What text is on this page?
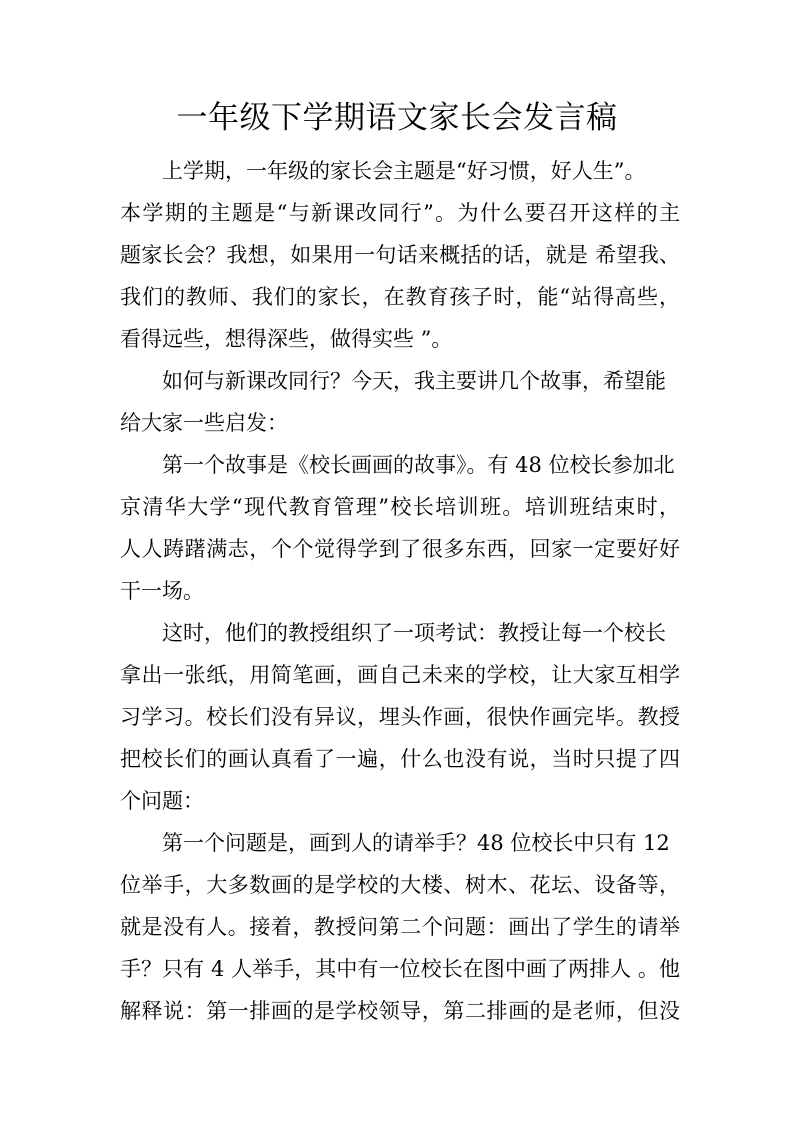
一年级下学期语文家长会发言稿
上学期，一年级的家长会主题是“好习惯，好人生”。
本学期的主题是“与新课改同行”。为什么要召开这样的主
题家长会？我想，如果用一句话来概括的话，就是 希望我、
我们的教师、我们的家长，在教育孩子时，能“站得高些，
看得远些，想得深些，做得实些 ”。
如何与新课改同行？今天，我主要讲几个故事，希望能
给大家一些启发：
第一个故事是《校长画画的故事》。有 48 位校长参加北
京清华大学“现代教育管理”校长培训班。培训班结束时，
人人踌躇满志，个个觉得学到了很多东西，回家一定要好好
干一场。
这时，他们的教授组织了一项考试：教授让每一个校长
拿出一张纸，用简笔画，画自己未来的学校，让大家互相学
习学习。校长们没有异议，埋头作画，很快作画完毕。教授
把校长们的画认真看了一遍，什么也没有说，当时只提了四
个问题：
第一个问题是，画到人的请举手？48 位校长中只有 12
位举手，大多数画的是学校的大楼、树木、花坛、设备等，
就是没有人。接着，教授问第二个问题：画出了学生的请举
手？只有 4 人举手，其中有一位校长在图中画了两排人 。他
解释说：第一排画的是学校领导，第二排画的是老师，但没
